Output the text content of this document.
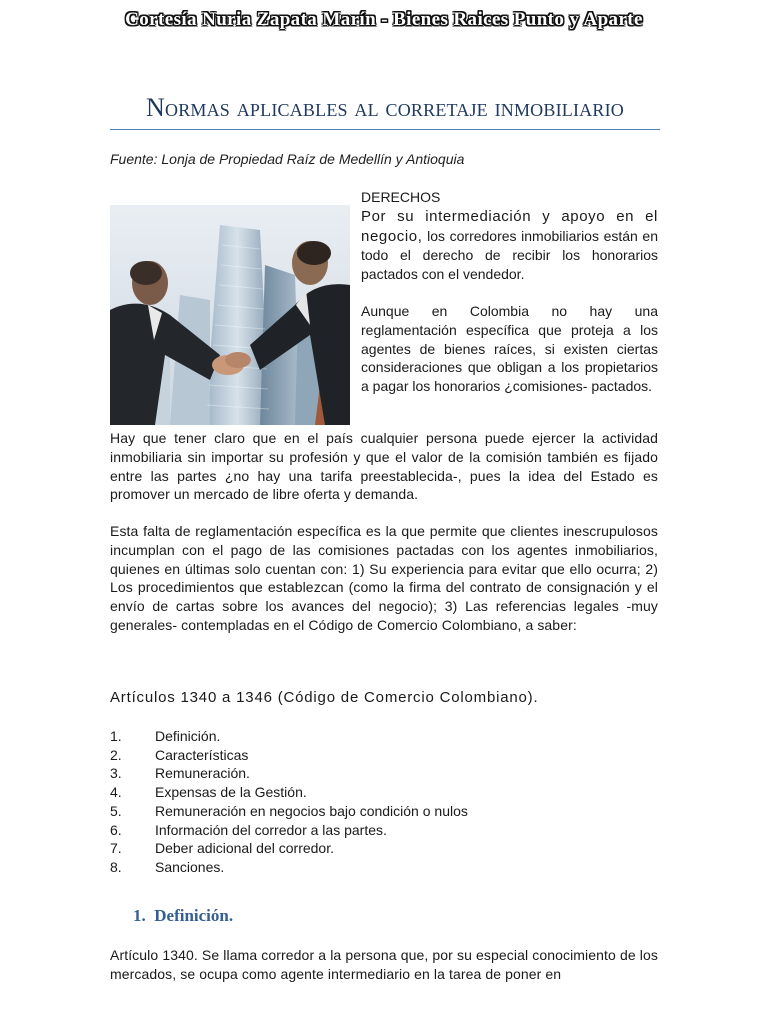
Cortesía Nuria Zapata Marín - Bienes Raices Punto y Aparte
Normas aplicables al corretaje inmobiliario
Fuente: Lonja de Propiedad Raíz de Medellín y Antioquia

DERECHOS

Por su intermediación y apoyo en el negocio, los corredores inmobiliarios están en todo el derecho de recibir los honorarios pactados con el vendedor.

Aunque en Colombia no hay una reglamentación específica que proteja a los agentes de bienes raíces, si existen ciertas consideraciones que obligan a los propietarios a pagar los honorarios ¿comisiones- pactados.

Hay que tener claro que en el país cualquier persona puede ejercer la actividad inmobiliaria sin importar su profesión y que el valor de la comisión también es fijado entre las partes ¿no hay una tarifa preestablecida-, pues la idea del Estado es promover un mercado de libre oferta y demanda.

Esta falta de reglamentación específica es la que permite que clientes inescrupulosos incumplan con el pago de las comisiones pactadas con los agentes inmobiliarios, quienes en últimas solo cuentan con: 1) Su experiencia para evitar que ello ocurra; 2) Los procedimientos que establezcan (como la firma del contrato de consignación y el envío de cartas sobre los avances del negocio); 3) Las referencias legales -muy generales- contempladas en el Código de Comercio Colombiano, a saber:

Artículos 1340 a 1346 (Código de Comercio Colombiano).
1.	Definición.
2.	Características
3.	Remuneración.
4.	Expensas de la Gestión.
5.	Remuneración en negocios bajo condición o nulos
6.	Información del corredor a las partes.
7.	Deber adicional del corredor.
8.	Sanciones.
1.  Definición.

Artículo 1340. Se llama corredor a la persona que, por su especial conocimiento de los mercados, se ocupa como agente intermediario en la tarea de poner en
